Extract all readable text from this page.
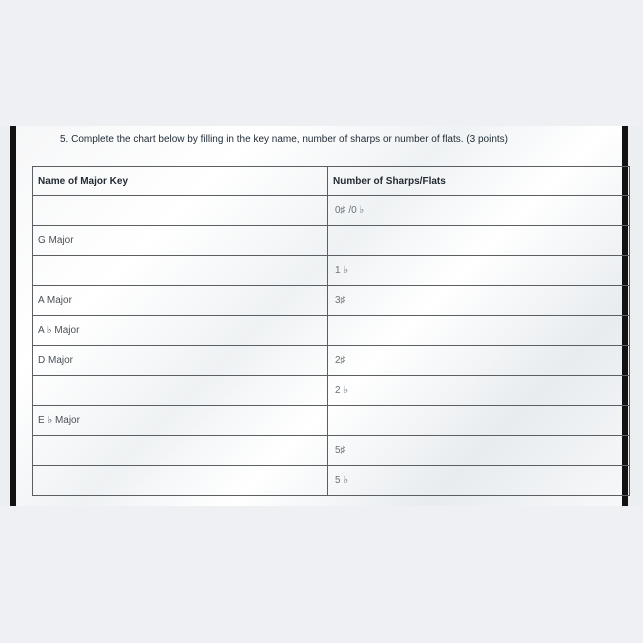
5. Complete the chart below by filling in the key name, number of sharps or number of flats. (3 points)
Name of Major Key	Number of Sharps/Flats
	0♯ /0 ♭
G Major	
	1 ♭
A Major	3♯
A ♭ Major	
D Major	2♯
	2 ♭
E ♭ Major	
	5♯
	5 ♭
